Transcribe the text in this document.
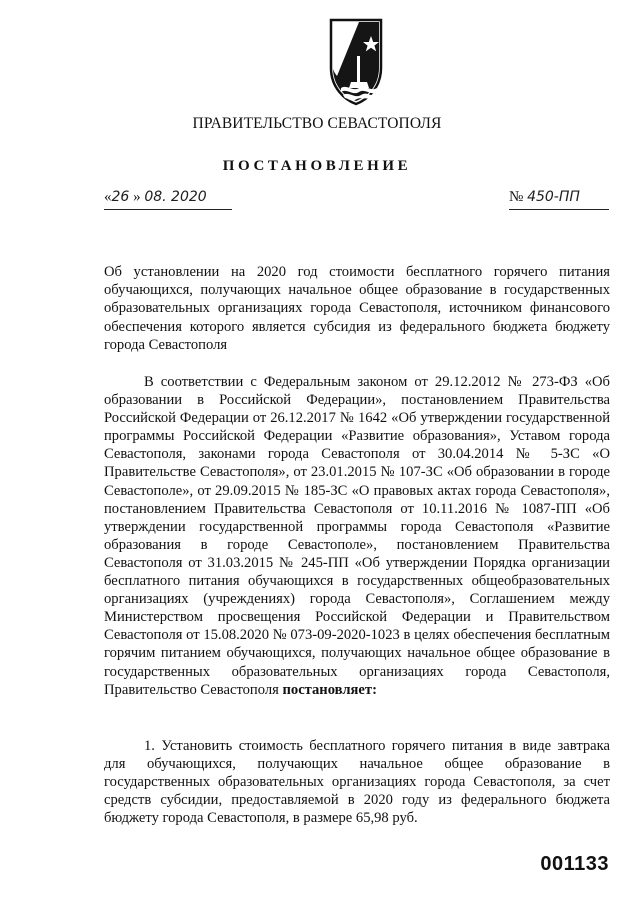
ПРАВИТЕЛЬСТВО СЕВАСТОПОЛЯ
ПОСТАНОВЛЕНИЕ
«26 » 08. 2020	№ 450-ПП
Об установлении на 2020 год стоимости бесплатного горячего питания обучающихся, получающих начальное общее образование в государственных образовательных организациях города Севастополя, источником финансового обеспечения которого является субсидия из федерального бюджета бюджету города Севастополя
В соответствии с Федеральным законом от 29.12.2012 № 273-ФЗ «Об образовании в Российской Федерации», постановлением Правительства Российской Федерации от 26.12.2017 № 1642 «Об утверждении государственной программы Российской Федерации «Развитие образования», Уставом города Севастополя, законами города Севастополя от 30.04.2014 № 5-ЗС «О Правительстве Севастополя», от 23.01.2015 № 107-ЗС «Об образовании в городе Севастополе», от 29.09.2015 № 185-ЗС «О правовых актах города Севастополя», постановлением Правительства Севастополя от 10.11.2016 № 1087-ПП «Об утверждении государственной программы города Севастополя «Развитие образования в городе Севастополе», постановлением Правительства Севастополя от 31.03.2015 № 245-ПП «Об утверждении Порядка организации бесплатного питания обучающихся в государственных общеобразовательных организациях (учреждениях) города Севастополя», Соглашением между Министерством просвещения Российской Федерации и Правительством Севастополя от 15.08.2020 № 073-09-2020-1023 в целях обеспечения бесплатным горячим питанием обучающихся, получающих начальное общее образование в государственных образовательных организациях города Севастополя, Правительство Севастополя постановляет:
1. Установить стоимость бесплатного горячего питания в виде завтрака для обучающихся, получающих начальное общее образование в государственных образовательных организациях города Севастополя, за счет средств субсидии, предоставляемой в 2020 году из федерального бюджета бюджету города Севастополя, в размере 65,98 руб.
001133
